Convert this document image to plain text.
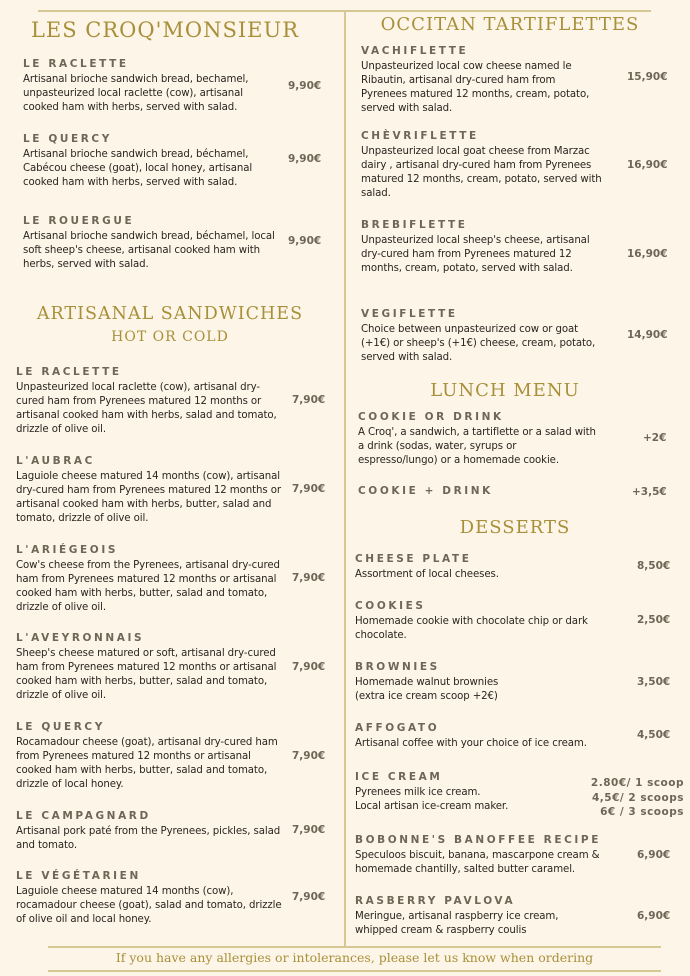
LES CROQ'MONSIEUR
LE RACLETTE
Artisanal brioche sandwich bread, bechamel, unpasteurized local raclette (cow), artisanal cooked ham with herbs, served with salad.
9,90€
LE QUERCY
Artisanal brioche sandwich bread, béchamel, Cabécou cheese (goat), local honey, artisanal cooked ham with herbs, served with salad.
9,90€
LE ROUERGUE
Artisanal brioche sandwich bread, béchamel, local soft sheep's cheese, artisanal cooked ham with herbs, served with salad.
9,90€
ARTISANAL SANDWICHES
HOT OR COLD
LE RACLETTE
Unpasteurized local raclette (cow), artisanal dry-cured ham from Pyrenees matured 12 months or artisanal cooked ham with herbs, salad and tomato, drizzle of olive oil.
7,90€
L'AUBRAC
Laguiole cheese matured 14 months (cow), artisanal dry-cured ham from Pyrenees matured 12 months or artisanal cooked ham with herbs, butter, salad and tomato, drizzle of olive oil.
7,90€
L'ARIÉGEOIS
Cow's cheese from the Pyrenees, artisanal dry-cured ham from Pyrenees matured 12 months or artisanal cooked ham with herbs, butter, salad and tomato, drizzle of olive oil.
7,90€
L'AVEYRONNAIS
Sheep's cheese matured or soft, artisanal dry-cured ham from Pyrenees matured 12 months or artisanal cooked ham with herbs, butter, salad and tomato, drizzle of olive oil.
7,90€
LE QUERCY
Rocamadour cheese (goat), artisanal dry-cured ham from Pyrenees matured 12 months or artisanal cooked ham with herbs, butter, salad and tomato, drizzle of local honey.
7,90€
LE CAMPAGNARD
Artisanal pork paté from the Pyrenees, pickles, salad and tomato.
7,90€
LE VÉGÉTARIEN
Laguiole cheese matured 14 months (cow), rocamadour cheese (goat), salad and tomato, drizzle of olive oil and local honey.
7,90€
OCCITAN TARTIFLETTES
VACHIFLETTE
Unpasteurized local cow cheese named le Ribautin, artisanal dry-cured ham from Pyrenees matured 12 months, cream, potato, served with salad.
15,90€
CHÈVRIFLETTE
Unpasteurized local goat cheese from Marzac dairy , artisanal dry-cured ham from Pyrenees matured 12 months, cream, potato, served with salad.
16,90€
BREBIFLETTE
Unpasteurized local sheep's cheese, artisanal dry-cured ham from Pyrenees matured 12 months, cream, potato, served with salad.
16,90€
VEGIFLETTE
Choice between unpasteurized cow or goat (+1€) or sheep's (+1€) cheese, cream, potato, served with salad.
14,90€
LUNCH MENU
COOKIE OR DRINK
A Croq', a sandwich, a tartiflette or a salad with a drink (sodas, water, syrups or espresso/lungo) or a homemade cookie.
+2€
COOKIE + DRINK	+3,5€
DESSERTS
CHEESE PLATE
Assortment of local cheeses.
8,50€
COOKIES
Homemade cookie with chocolate chip or dark chocolate.
2,50€
BROWNIES
Homemade walnut brownies (extra ice cream scoop +2€)
3,50€
AFFOGATO
Artisanal coffee with your choice of ice cream.
4,50€
ICE CREAM
Pyrenees milk ice cream.
Local artisan ice-cream maker.
2.80€/ 1 scoop
4,5€/ 2 scoops
6€ / 3 scoops
BOBONNE'S BANOFFEE RECIPE
Speculoos biscuit, banana, mascarpone cream & homemade chantilly, salted butter caramel.
6,90€
RASBERRY PAVLOVA
Meringue, artisanal raspberry ice cream, whipped cream & raspberry coulis
6,90€
If you have any allergies or intolerances, please let us know when ordering
